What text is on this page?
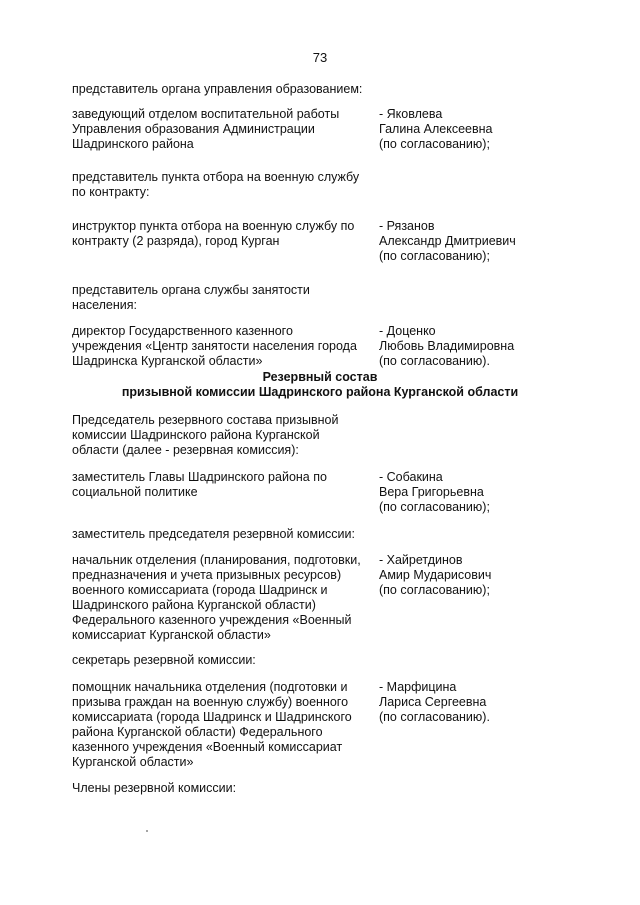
73
представитель органа управления образованием:
заведующий отделом воспитательной работы
Управления образования Администрации
Шадринского района
- Яковлева
Галина Алексеевна
(по согласованию);
представитель пункта отбора на военную службу
по контракту:
инструктор пункта отбора на военную службу по
контракту (2 разряда), город Курган
- Рязанов
Александр Дмитриевич
(по согласованию);
представитель органа службы занятости
населения:
директор Государственного казенного
учреждения «Центр занятости населения города
Шадринска Курганской области»
- Доценко
Любовь Владимировна
(по согласованию).
Резервный состав
призывной комиссии Шадринского района Курганской области
Председатель резервного состава призывной
комиссии Шадринского района Курганской
области (далее - резервная комиссия):
заместитель Главы Шадринского района по
социальной политике
- Собакина
Вера Григорьевна
(по согласованию);
заместитель председателя резервной комиссии:
начальник отделения (планирования, подготовки,
предназначения и учета призывных ресурсов)
военного комиссариата (города Шадринск и
Шадринского района Курганской области)
Федерального казенного учреждения «Военный
комиссариат Курганской области»
- Хайретдинов
Амир Мударисович
(по согласованию);
секретарь резервной комиссии:
помощник начальника отделения (подготовки и
призыва граждан на военную службу) военного
комиссариата (города Шадринск и Шадринского
района Курганской области) Федерального
казенного учреждения «Военный комиссариат
Курганской области»
- Марфицина
Лариса Сергеевна
(по согласованию).
Члены резервной комиссии:
